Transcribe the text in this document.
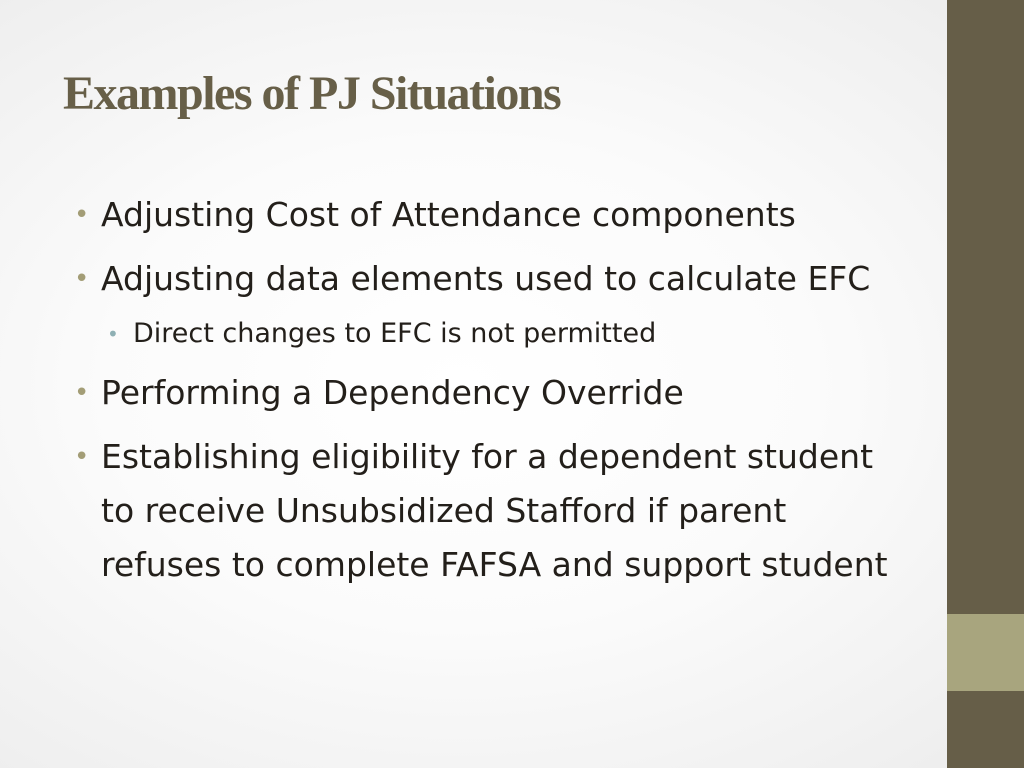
Examples of PJ Situations
• Adjusting Cost of Attendance components
• Adjusting data elements used to calculate EFC
• Direct changes to EFC is not permitted
• Performing a Dependency Override
• Establishing eligibility for a dependent student to receive Unsubsidized Stafford if parent refuses to complete FAFSA and support student
